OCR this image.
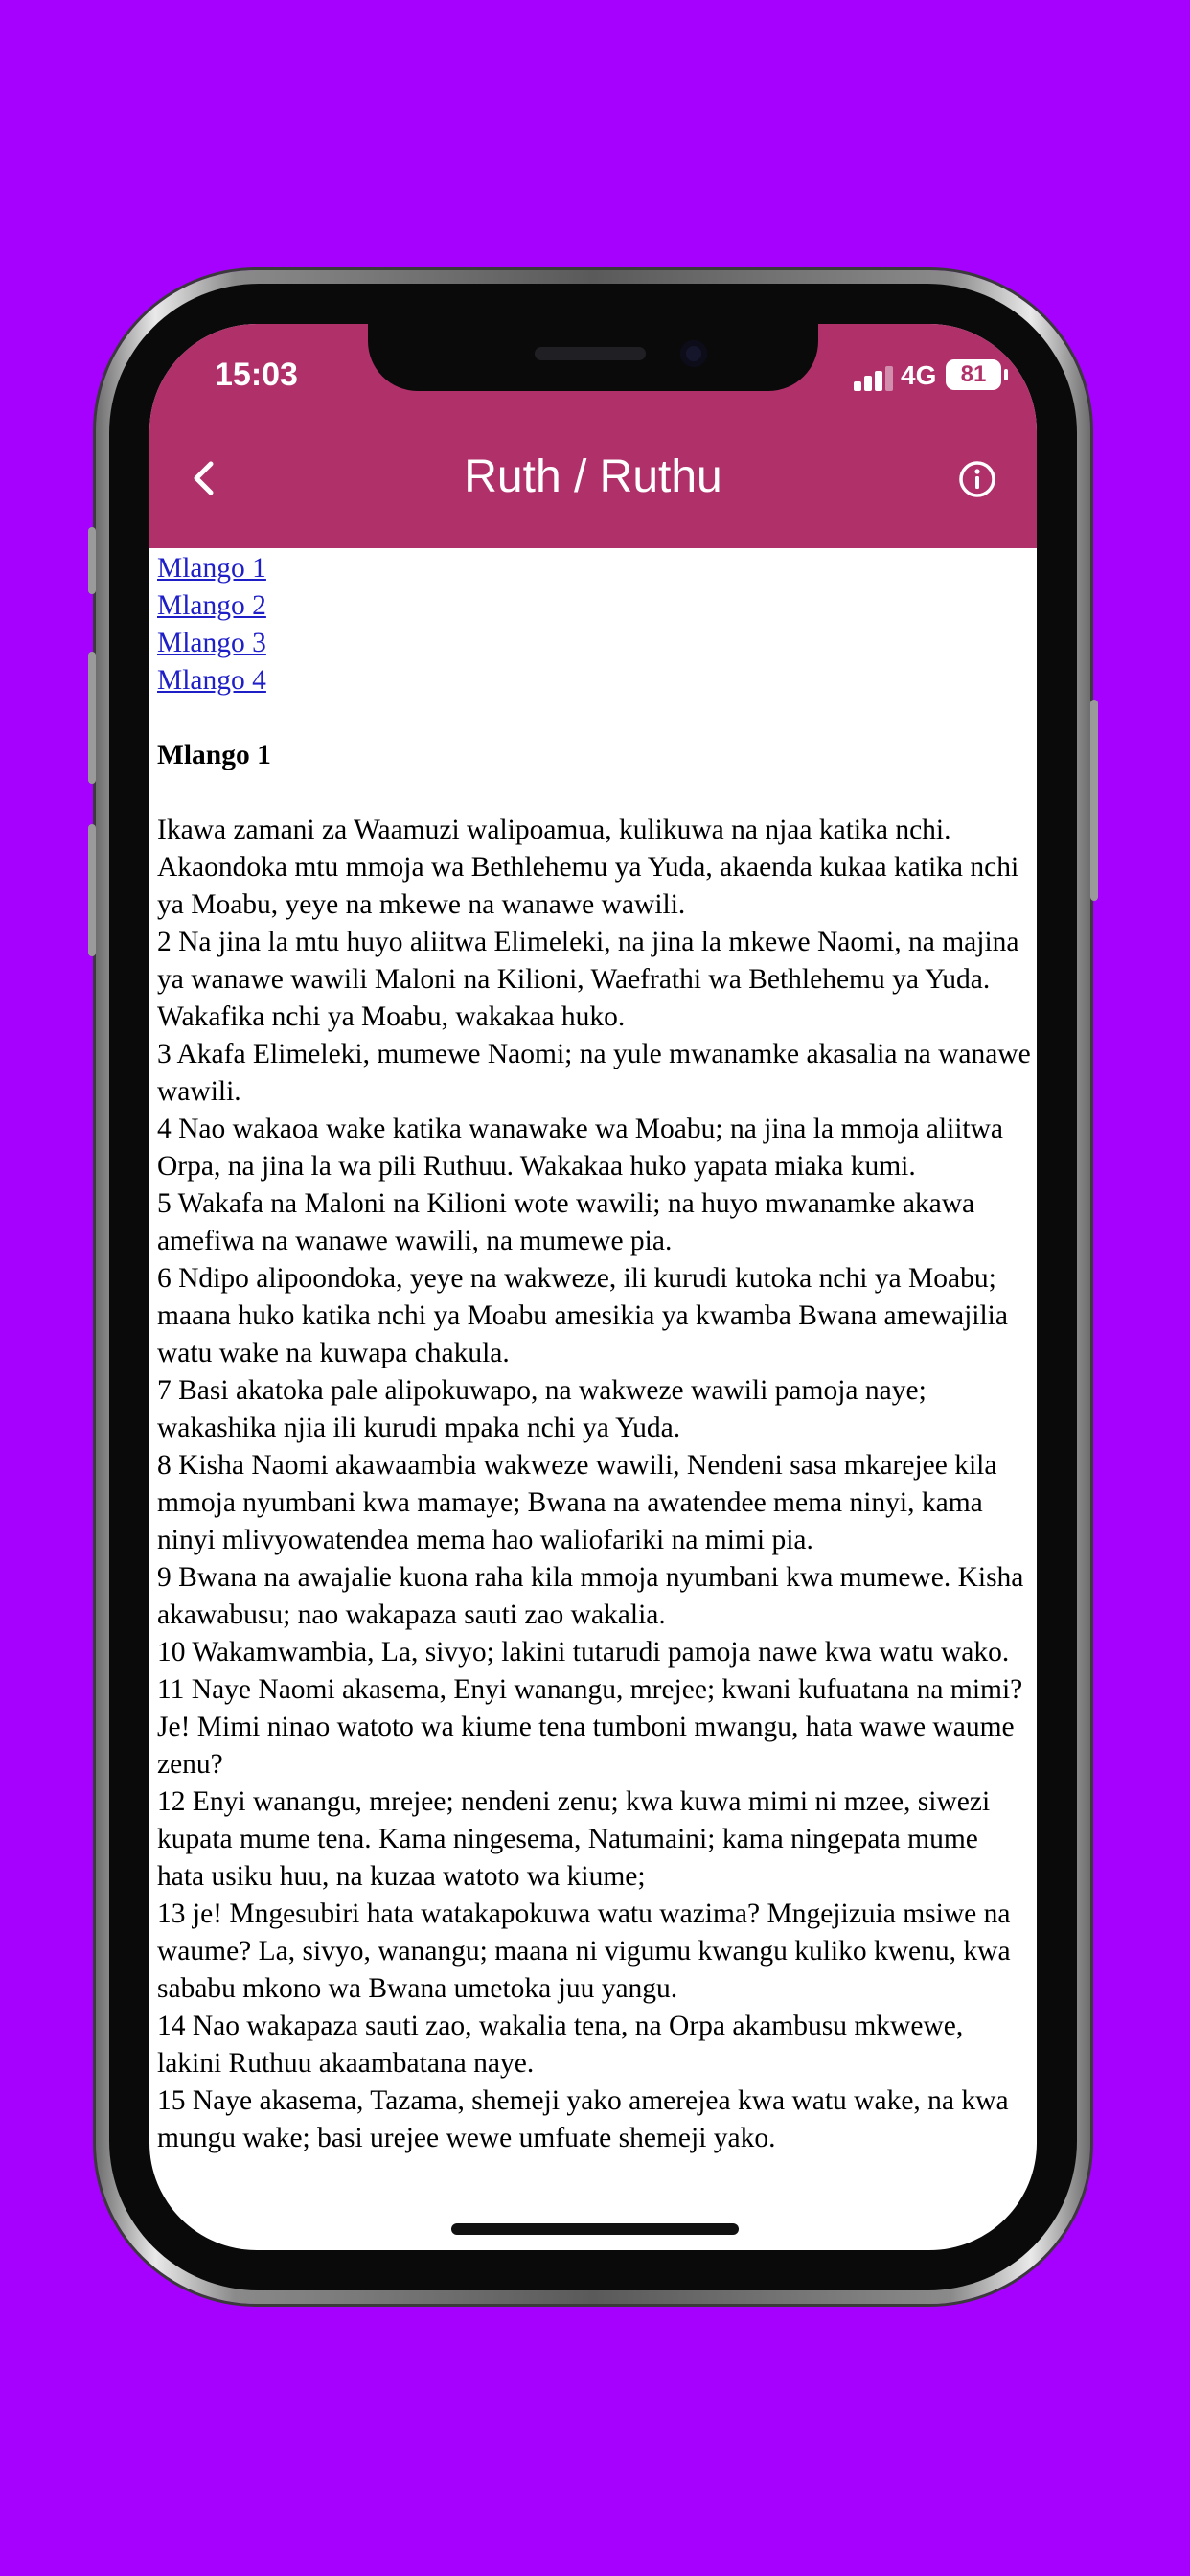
15:03	4G	81
Ruth / Ruthu
Mlango 1
Mlango 2
Mlango 3
Mlango 4
Mlango 1
Ikawa zamani za Waamuzi walipoamua, kulikuwa na njaa katika nchi. Akaondoka mtu mmoja wa Bethlehemu ya Yuda, akaenda kukaa katika nchi ya Moabu, yeye na mkewe na wanawe wawili.
2 Na jina la mtu huyo aliitwa Elimeleki, na jina la mkewe Naomi, na majina ya wanawe wawili Maloni na Kilioni, Waefrathi wa Bethlehemu ya Yuda. Wakafika nchi ya Moabu, wakakaa huko.
3 Akafa Elimeleki, mumewe Naomi; na yule mwanamke akasalia na wanawe wawili.
4 Nao wakaoa wake katika wanawake wa Moabu; na jina la mmoja aliitwa Orpa, na jina la wa pili Ruthuu. Wakakaa huko yapata miaka kumi.
5 Wakafa na Maloni na Kilioni wote wawili; na huyo mwanamke akawa amefiwa na wanawe wawili, na mumewe pia.
6 Ndipo alipoondoka, yeye na wakweze, ili kurudi kutoka nchi ya Moabu; maana huko katika nchi ya Moabu amesikia ya kwamba Bwana amewajilia watu wake na kuwapa chakula.
7 Basi akatoka pale alipokuwapo, na wakweze wawili pamoja naye; wakashika njia ili kurudi mpaka nchi ya Yuda.
8 Kisha Naomi akawaambia wakweze wawili, Nendeni sasa mkarejee kila mmoja nyumbani kwa mamaye; Bwana na awatendee mema ninyi, kama ninyi mlivyowatendea mema hao waliofariki na mimi pia.
9 Bwana na awajalie kuona raha kila mmoja nyumbani kwa mumewe. Kisha akawabusu; nao wakapaza sauti zao wakalia.
10 Wakamwambia, La, sivyo; lakini tutarudi pamoja nawe kwa watu wako.
11 Naye Naomi akasema, Enyi wanangu, mrejee; kwani kufuatana na mimi? Je! Mimi ninao watoto wa kiume tena tumboni mwangu, hata wawe waume zenu?
12 Enyi wanangu, mrejee; nendeni zenu; kwa kuwa mimi ni mzee, siwezi kupata mume tena. Kama ningesema, Natumaini; kama ningepata mume hata usiku huu, na kuzaa watoto wa kiume;
13 je! Mngesubiri hata watakapokuwa watu wazima? Mngejizuia msiwe na waume? La, sivyo, wanangu; maana ni vigumu kwangu kuliko kwenu, kwa sababu mkono wa Bwana umetoka juu yangu.
14 Nao wakapaza sauti zao, wakalia tena, na Orpa akambusu mkwewe, lakini Ruthuu akaambatana naye.
15 Naye akasema, Tazama, shemeji yako amerejea kwa watu wake, na kwa mungu wake; basi urejee wewe umfuate shemeji yako.
